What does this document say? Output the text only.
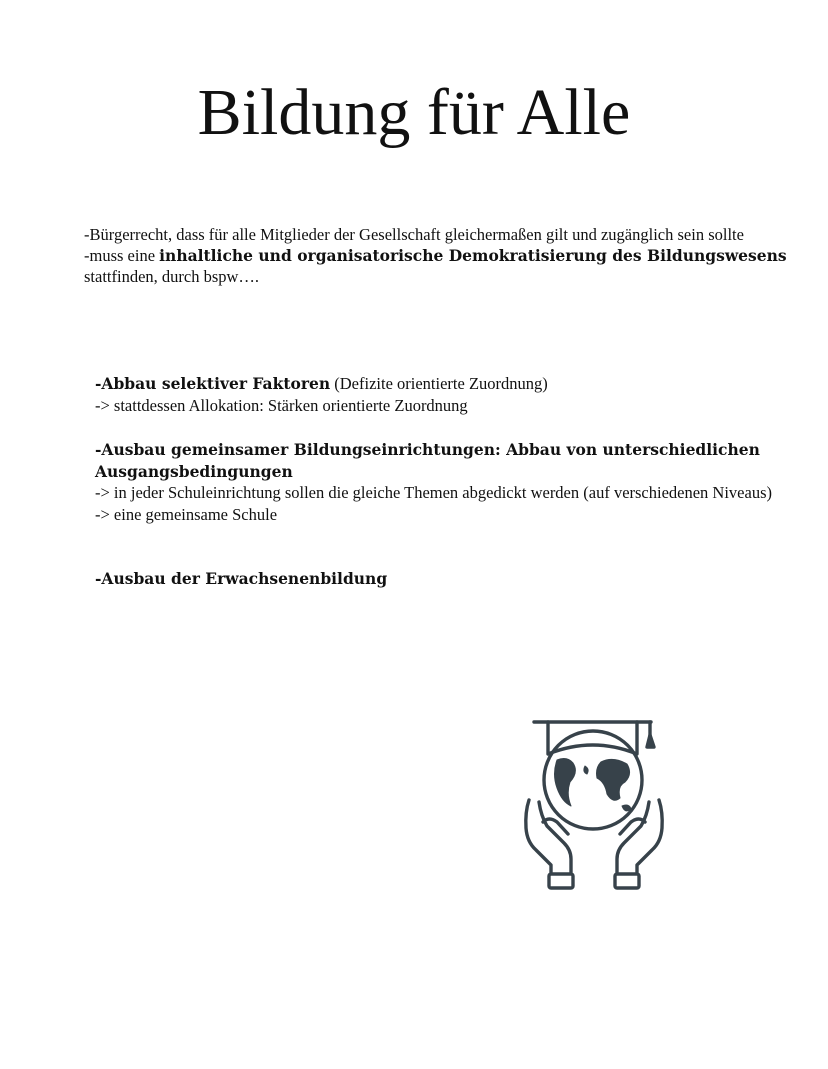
Bildung für Alle
-Bürgerrecht, dass für alle Mitglieder der Gesellschaft gleichermaßen gilt und zugänglich sein sollte
-muss eine inhaltliche und organisatorische Demokratisierung des Bildungswesens stattfinden, durch bspw….
-Abbau selektiver Faktoren (Defizite orientierte Zuordnung)
-> stattdessen Allokation: Stärken orientierte Zuordnung
-Ausbau gemeinsamer Bildungseinrichtungen: Abbau von unterschiedlichen Ausgangsbedingungen
-> in jeder Schuleinrichtung sollen die gleiche Themen abgedickt werden (auf verschiedenen Niveaus)
-> eine gemeinsame Schule
-Ausbau der Erwachsenenbildung
